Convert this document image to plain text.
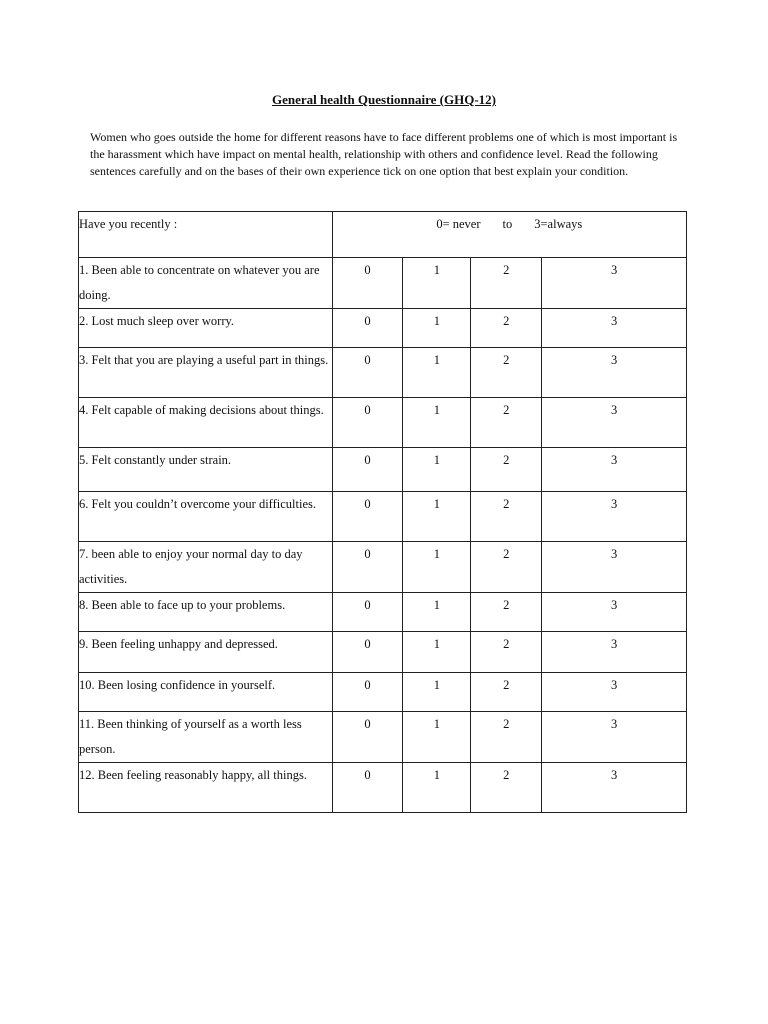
General health Questionnaire (GHQ-12)
Women who goes outside the home for different reasons have to face different problems one of which is most important is the harassment which have impact on mental health, relationship with others and confidence level. Read the following sentences carefully and on the bases of their own experience tick on one option that best explain your condition.
Have you recently :	0= never to 3=always			
1. Been able to concentrate on whatever you are doing.	0	1	2	3
2. Lost much sleep over worry.	0	1	2	3
3. Felt that you are playing a useful part in things.	0	1	2	3
4. Felt capable of making decisions about things.	0	1	2	3
5. Felt constantly under strain.	0	1	2	3
6. Felt you couldn’t overcome your difficulties.	0	1	2	3
7. been able to enjoy your normal day to day activities.	0	1	2	3
8. Been able to face up to your problems.	0	1	2	3
9. Been feeling unhappy and depressed.	0	1	2	3
10. Been losing confidence in yourself.	0	1	2	3
11. Been thinking of yourself as a worth less person.	0	1	2	3
12. Been feeling reasonably happy, all things.	0	1	2	3
